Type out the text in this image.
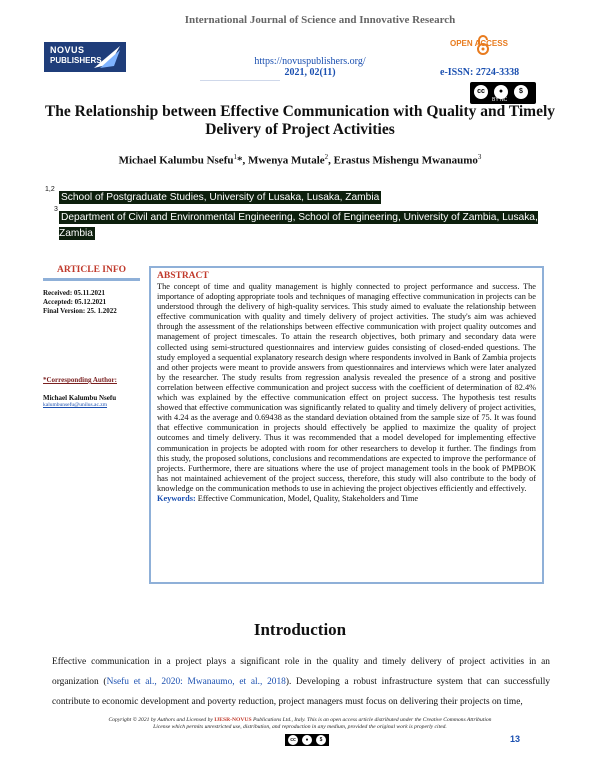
International Journal of Science and Innovative Research
NOVUS
PUBLISHERS	https://novuspublishers.org/
2021, 02(11)
OPEN ACCESS
e-ISSN: 2724-3338
cc	●	$
BY NC
The Relationship between Effective Communication with Quality and Timely Delivery of Project Activities
Michael Kalumbu Nsefu$^1$*, Mwenya Mutale$^2$, Erastus Mishengu Mwanaumo$^3$
1,2
School of Postgraduate Studies, University of Lusaka, Lusaka, Zambia
3
Department of Civil and Environmental Engineering, School of Engineering, University of Zambia, Lusaka, Zambia
ARTICLE INFO
Received: 05.11.2021
Accepted: 05.12.2021
Final Version: 25. 1.2022
*Corresponding Author:
Michael Kalumbu Nsefu
kalumbunsefu@unilus.ac.zm
ABSTRACT
The concept of time and quality management is highly connected to project performance and success. The importance of adopting appropriate tools and techniques of managing effective communication in projects can be understood through the delivery of high-quality services. This study aimed to evaluate the relationship between effective communication with quality and timely delivery of project activities. The study's aim was achieved through the assessment of the relationships between effective communication with project quality outcomes and management of project timescales. To attain the research objectives, both primary and secondary data were collected using semi-structured questionnaires and interview guides consisting of closed-ended questions. The study employed a sequential explanatory research design where respondents involved in Bank of Zambia projects and other projects were meant to provide answers from questionnaires and interviews which were later analyzed by the researcher. The study results from regression analysis revealed the presence of a strong and positive correlation between effective communication and project success with the coefficient of determination of 82.4% which was explained by the effective communication effect on project success. The hypothesis test results showed that effective communication was significantly related to quality and timely delivery of project activities, with 4.24 as the average and 0.69438 as the standard deviation obtained from the sample size of 75. It was found that effective communication in projects should effectively be applied to maximize the quality of project outcomes and timely delivery. Thus it was recommended that a model developed for implementing effective communication in projects be adopted with room for other researchers to develop it further. The findings from this study, the proposed solutions, conclusions and recommendations are expected to improve the performance of projects. Furthermore, there are situations where the use of project management tools in the book of PMPBOK has not maintained achievement of the project success, therefore, this study will also contribute to the body of knowledge on the communication methods to use in achieving the project objectives efficiently and effectively.
Keywords: Effective Communication, Model, Quality, Stakeholders and Time
Introduction
Effective communication in a project plays a significant role in the quality and timely delivery of project activities in an organization (Nsefu et al., 2020: Mwanaumo, et al., 2018). Developing a robust infrastructure system that can successfully contribute to economic development and poverty reduction, project managers must focus on delivering their projects on time,
Copyright © 2021 by Authors and Licensed by IJESR-NOVUS Publications Ltd., Italy. This is an open access article distributed under the Creative Commons Attribution
License which permits unrestricted use, distribution, and reproduction in any medium, provided the original work is properly cited.
cc	●	$	13
